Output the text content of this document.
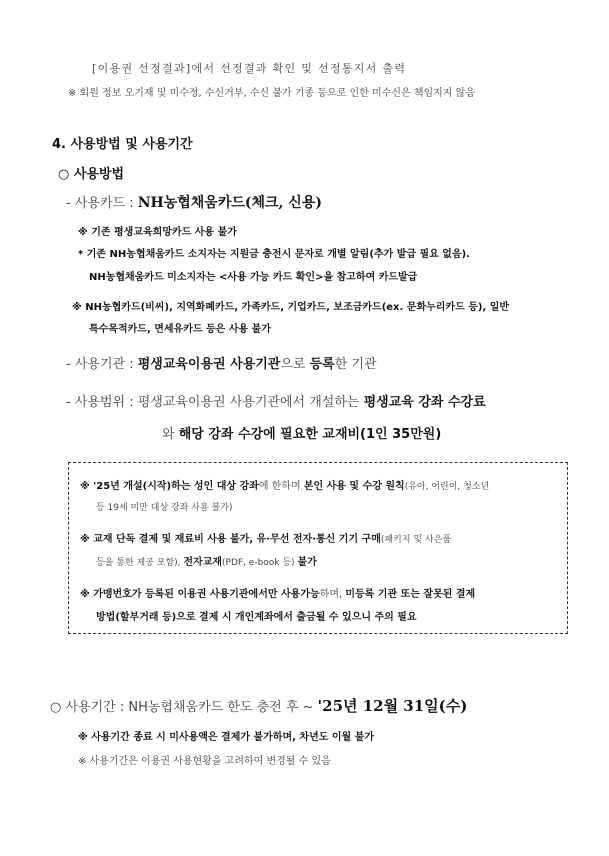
[이용권 선정결과]에서 선정결과 확인 및 선정통지서 출력
※ 회원 정보 오기재 및 미수정, 수신거부, 수신 불가 기종 등으로 인한 미수신은 책임지지 않음
4. 사용방법 및 사용기간
○ 사용방법
- 사용카드 : NH농협채움카드(체크, 신용)
※ 기존 평생교육희망카드 사용 불가
* 기존 NH농협채움카드 소지자는 지원금 충전시 문자로 개별 알림(추가 발급 필요 없음).
NH농협채움카드 미소지자는 <사용 가능 카드 확인>을 참고하여 카드발급
※ NH농협카드(비씨), 지역화폐카드, 가족카드, 기업카드, 보조금카드(ex. 문화누리카드 등), 일반
특수목적카드, 면세유카드 등은 사용 불가
- 사용기관 : 평생교육이용권 사용기관으로 등록한 기관
- 사용범위 : 평생교육이용권 사용기관에서 개설하는 평생교육 강좌 수강료
와 해당 강좌 수강에 필요한 교재비(1인 35만원)
※ '25년 개설(시작)하는 성인 대상 강좌에 한하며 본인 사용 및 수강 원칙(유아, 어린이, 청소년
등 19세 미만 대상 강좌 사용 불가)
※ 교재 단독 결제 및 재료비 사용 불가, 유·무선 전자·통신 기기 구매(패키지 및 사은품
등을 통한 제공 포함), 전자교재(PDF, e-book 등) 불가
※ 가맹번호가 등록된 이용권 사용기관에서만 사용가능하며, 미등록 기관 또는 잘못된 결제
방법(할부거래 등)으로 결제 시 개인계좌에서 출금될 수 있으니 주의 필요
○ 사용기간 : NH농협채움카드 한도 충전 후 ~ '25년 12월 31일(수)
※ 사용기간 종료 시 미사용액은 결제가 불가하며, 차년도 이월 불가
※ 사용기간은 이용권 사용현황을 고려하여 변경될 수 있음
